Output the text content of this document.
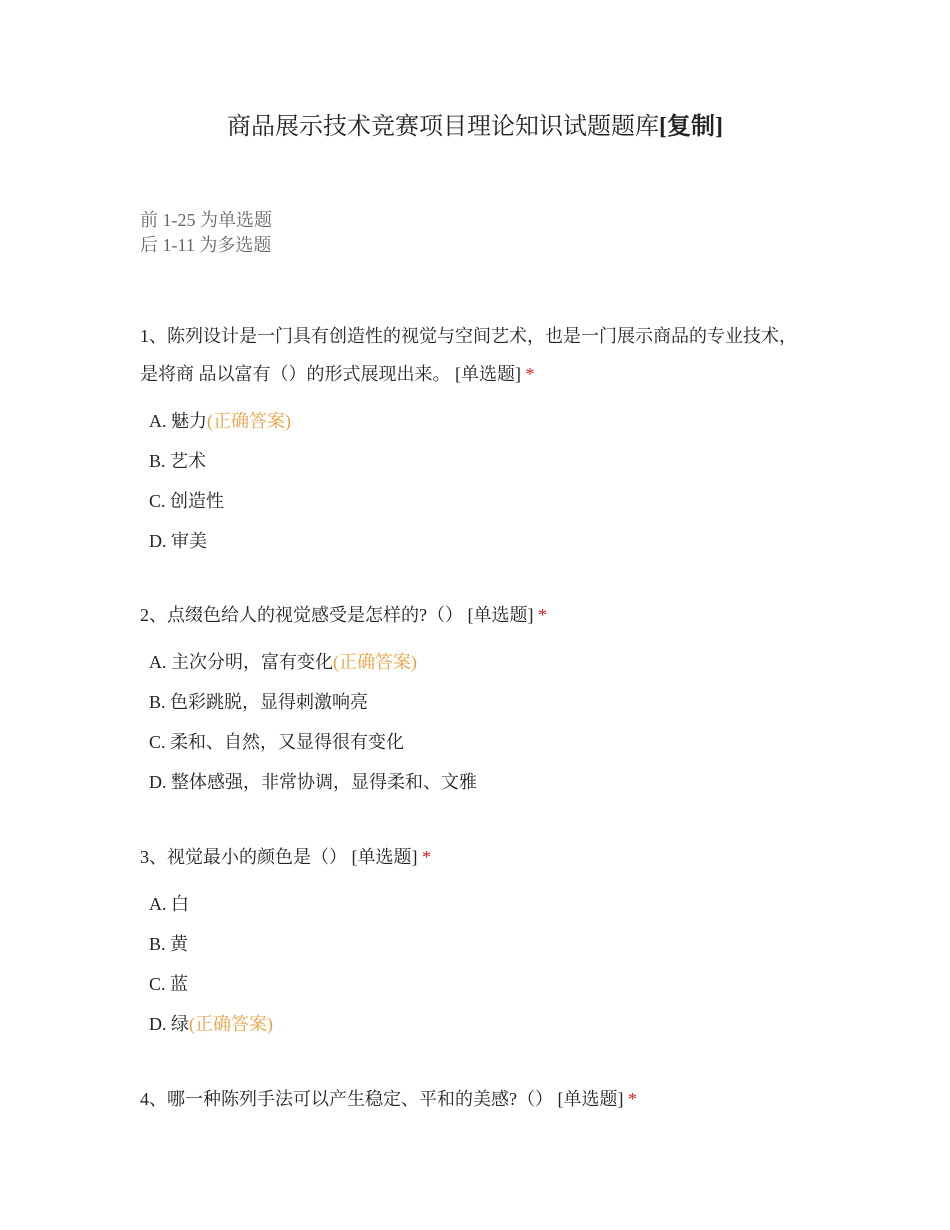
商品展示技术竞赛项目理论知识试题题库[复制]
前 1-25 为单选题
后 1-11 为多选题
1、陈列设计是一门具有创造性的视觉与空间艺术，也是一门展示商品的专业技术，是将商 品以富有（）的形式展现出来。 [单选题] *
A. 魅力(正确答案)
B. 艺术
C. 创造性
D. 审美
2、点缀色给人的视觉感受是怎样的?（） [单选题] *
A. 主次分明，富有变化(正确答案)
B. 色彩跳脱，显得刺激响亮
C. 柔和、自然，又显得很有变化
D. 整体感强，非常协调，显得柔和、文雅
3、视觉最小的颜色是（） [单选题] *
A. 白
B. 黄
C. 蓝
D. 绿(正确答案)
4、哪一种陈列手法可以产生稳定、平和的美感?（） [单选题] *
